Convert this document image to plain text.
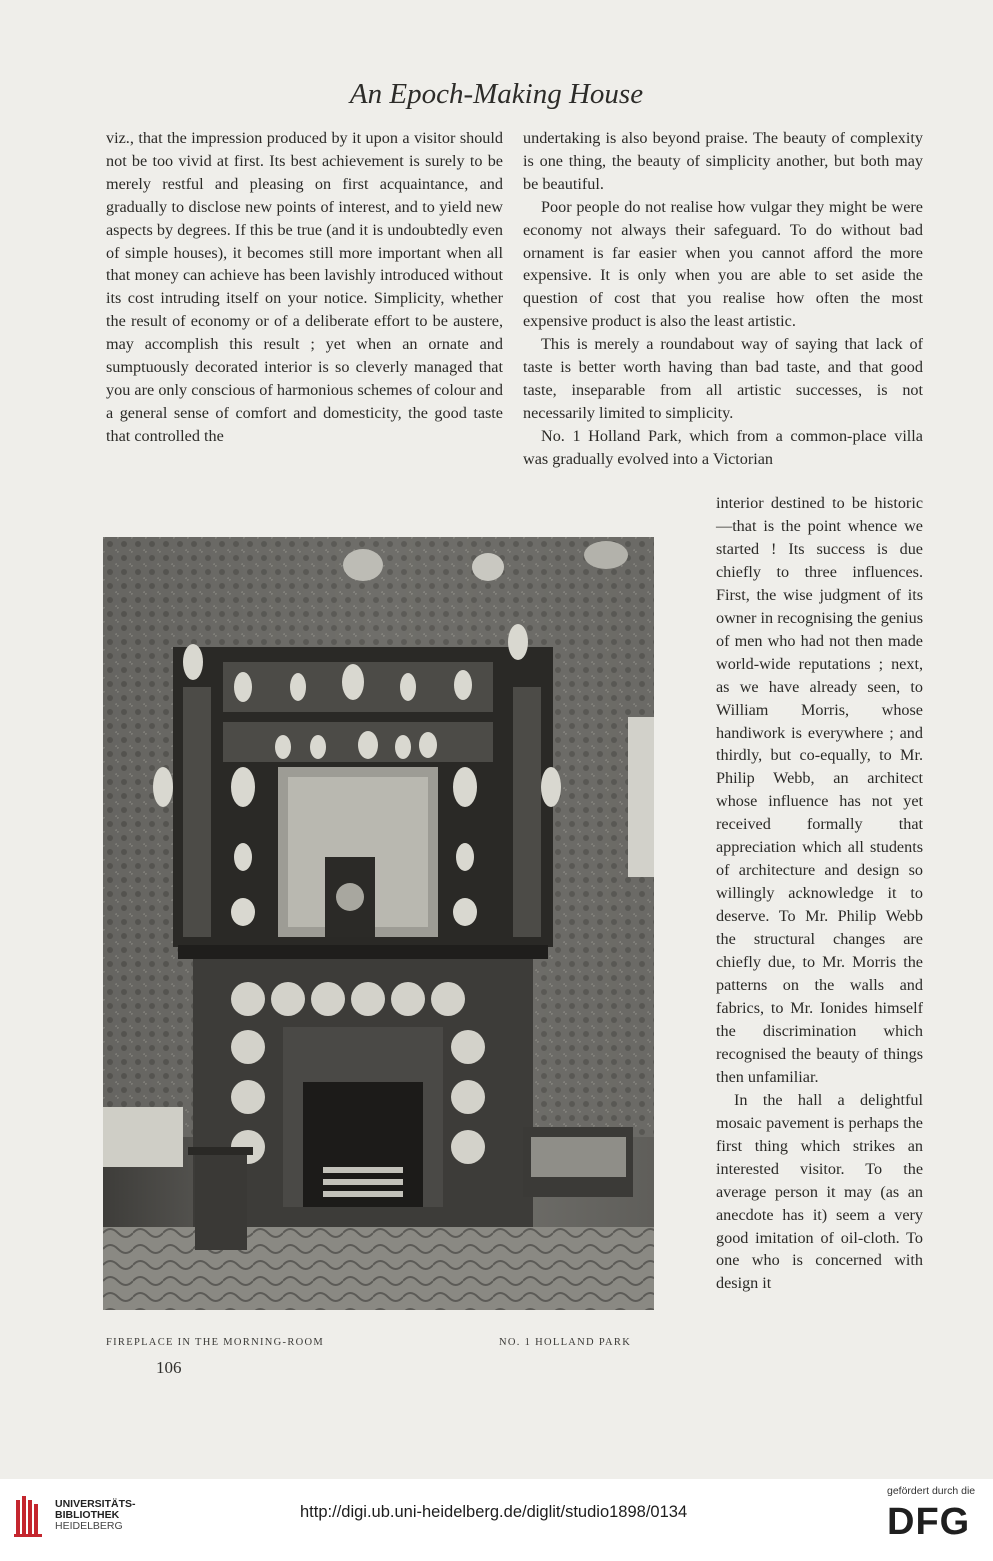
An Epoch-Making House

viz., that the impression produced by it upon a visitor should not be too vivid at first. Its best achievement is surely to be merely restful and pleasing on first acquaintance, and gradually to disclose new points of interest, and to yield new aspects by degrees. If this be true (and it is undoubtedly even of simple houses), it becomes still more important when all that money can achieve has been lavishly introduced without its cost intruding itself on your notice. Simplicity, whether the result of economy or of a deliberate effort to be austere, may accomplish this result ; yet when an ornate and sumptuously decorated interior is so cleverly managed that you are only conscious of harmonious schemes of colour and a general sense of comfort and domesticity, the good taste that controlled the

undertaking is also beyond praise. The beauty of complexity is one thing, the beauty of simplicity another, but both may be beautiful.

Poor people do not realise how vulgar they might be were economy not always their safeguard. To do without bad ornament is far easier when you cannot afford the more expensive. It is only when you are able to set aside the question of cost that you realise how often the most expensive product is also the least artistic.

This is merely a roundabout way of saying that lack of taste is better worth having than bad taste, and that good taste, inseparable from all artistic successes, is not necessarily limited to simplicity.

No. 1 Holland Park, which from a common-place villa was gradually evolved into a Victorian

interior destined to be historic—that is the point whence we started ! Its success is due chiefly to three influences. First, the wise judgment of its owner in recognising the genius of men who had not then made world-wide reputations ; next, as we have already seen, to William Morris, whose handiwork is everywhere ; and thirdly, but co-equally, to Mr. Philip Webb, an architect whose influence has not yet received formally that appreciation which all students of architecture and design so willingly acknowledge it to deserve. To Mr. Philip Webb the structural changes are chiefly due, to Mr. Morris the patterns on the walls and fabrics, to Mr. Ionides himself the discrimination which recognised the beauty of things then unfamiliar.

In the hall a delightful mosaic pavement is perhaps the first thing which strikes an interested visitor. To the average person it may (as an anecdote has it) seem a very good imitation of oil-cloth. To one who is concerned with design it

FIREPLACE IN THE MORNING-ROOM	NO. 1 HOLLAND PARK
106
UNIVERSITÄTS-
BIBLIOTHEK
HEIDELBERG
http://digi.ub.uni-heidelberg.de/diglit/studio1898/0134
gefördert durch die
DFG
